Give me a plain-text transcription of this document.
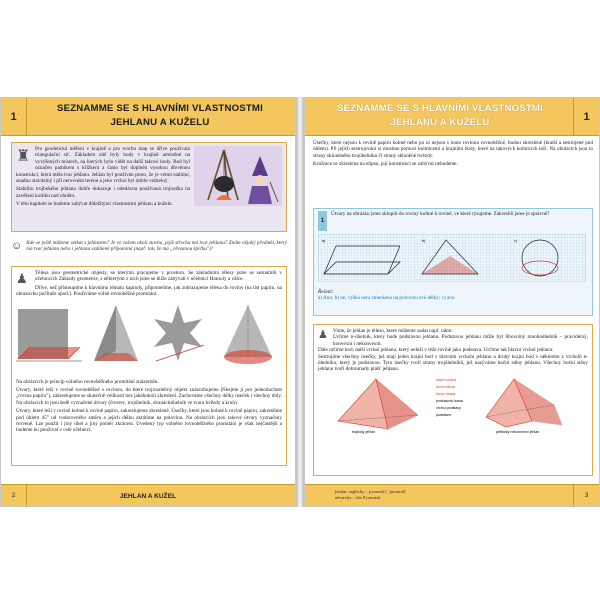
1
SEZNAMME SE S HLAVNÍMI VLASTNOSTMI
JEHLANU A KUŽELU
♜ Pro geodetická měření v krajině a pro tvorbu map se dříve používala triangulační síť. Základem sítě byly body v krajině umístěné na vyvýšených místech, na kterých bylo vidět na další takové body. Bod byl označen patníkem s křížkem a často byl doplněn vysokou dřevěnou konstrukcí, která měla tvar jehlanu. Jehlan byl používán proto, že je velmi stabilní, snadno stavitelný i při nerovném terénu a jeho vrchol byl dobře viditelný.

Stabilitu trojbokého jehlanu dobře dokazuje i odedávna používaná trojnožka na zavěšení kotlíku nad ohněm.

V této kapitole se budeme zabývat důležitými vlastnostmi jehlanu a kuželu.

☺ Kde se ještě můžeme setkat s jehlanem? Je ve vašem okolí stavba, jejíž střecha má tvar jehlanu? Znáte nějaký předmět, který má tvar jehlanu nebo i jehlanu vzdáleně připomíná (např. tak, že má „ořezanou špičku")?
♟	Tělesa jsou geometrické objekty, se kterými pracujeme v prostoru. Se základními tělesy jsme se seznámili v učebnicích Základy geometrie, s některými z nich jsme se blíže zabývali v učebnici Hranoly a válce.

Dříve, než přistoupíme k hlavnímu tématu kapitoly, připomeňme, jak zobrazujeme tělesa do roviny (na list papíru, na obrazovku počítače apod.). Používáme volné rovnoběžné promítání.

Na obrázcích je princip volného rovnoběžného promítání znázorněn.

Útvary, které leží v rovině rovnoběžné s rovinou, do které trojrozměrný objekt znázorňujeme (říkejme jí pro jednoduchost „rovina papíru"), zakreslujeme se skutečně velikosti bez jakéhokoli zkreslení. Zachováme všechny délky úseček i všechny úhly. Na obrázcích to jsou šedě vyznačené útvary (čtverec, trojúhelník, dvanáctiúhelník ve tvaru hvězdy a kruh).

Útvary, které leží v rovině kolmé k rovině papíru, zakreslujeme zkresleně. Úsečky, které jsou kolmé k rovině papíru, zakreslíme pod úhlem 45° od vodorovného směru a jejich délku zkrátíme na polovinu. Na obrázcích jsou takové útvary vyznačeny červeně. Lze použít i jiný úhel a jiný poměr zkrácení. Uvedený typ volného rovnoběžného promítání je však nejčastější a budeme ho používat v celé učebnici.

2	JEHLAN A KUŽEL
SEZNAMME SE S HLAVNÍMI VLASTNOSTMI
JEHLANU A KUŽELU	1

Úsečky, které nejsou k rovině papíru kolmé nebo po ní nejsou s touto rovinou rovnoběžné, budou zkreslené (kratší a sestrojené pod úhlem). Při jejich sestrojování si musíme pomoci kolmicemi a krajními body, které na takových kolmicích leží. Na obrázcích jsou to strany skloněného trojúhelníku či strany skloněné hvězdy.

Kružnice se zkreslena na elipsu, její konstrukci se zabývat nebudeme.

1

Útvary na obrázku jsme sklopili do roviny kolmé k rovině, ve které rýsujeme. Zakreslili jsme je správně?

a)	b)	c)

Řešení:

a) Ano; b) ne, výška není zmenšena na polovinu své délky; c) ano.

♟ Vime, že jehlan je těleso, které můžeme zadat např. takto:

Určíme n-úhelník, který bude podstavou jehlanu. Podstavou jehlanu může být libovolný mnohoúhelník – pravidelný, konvexní i nekonvexní.

Dále určíme bod, další vrchol jehlanu, který neleží v téže rovině jako podstava. Určíme tak hlavní vrchol jehlanu.

Sestrojíme všechny úsečky, jež mají jeden krajní bod v hlavním vrcholu jehlanu a druhý krajní bod v některém z vrcholů n-úhelníku, který je podstavou. Tyto úsečky tvoří strany trojúhelníků, jež nazýváme boční stěny jehlanu. Všechny boční stěny jehlanu tvoří dohromady plášť jehlanu.

trojboký jehlan
hlavní vrchol
boční stěna
boční hrana
podstavná hrana
vrchol podstavy
podstava
pětiboký nekonvexní jehlan
jehlan: anglicky – pyramid [ ˈpɪrəmɪd]
německy – die Pyramide	3
